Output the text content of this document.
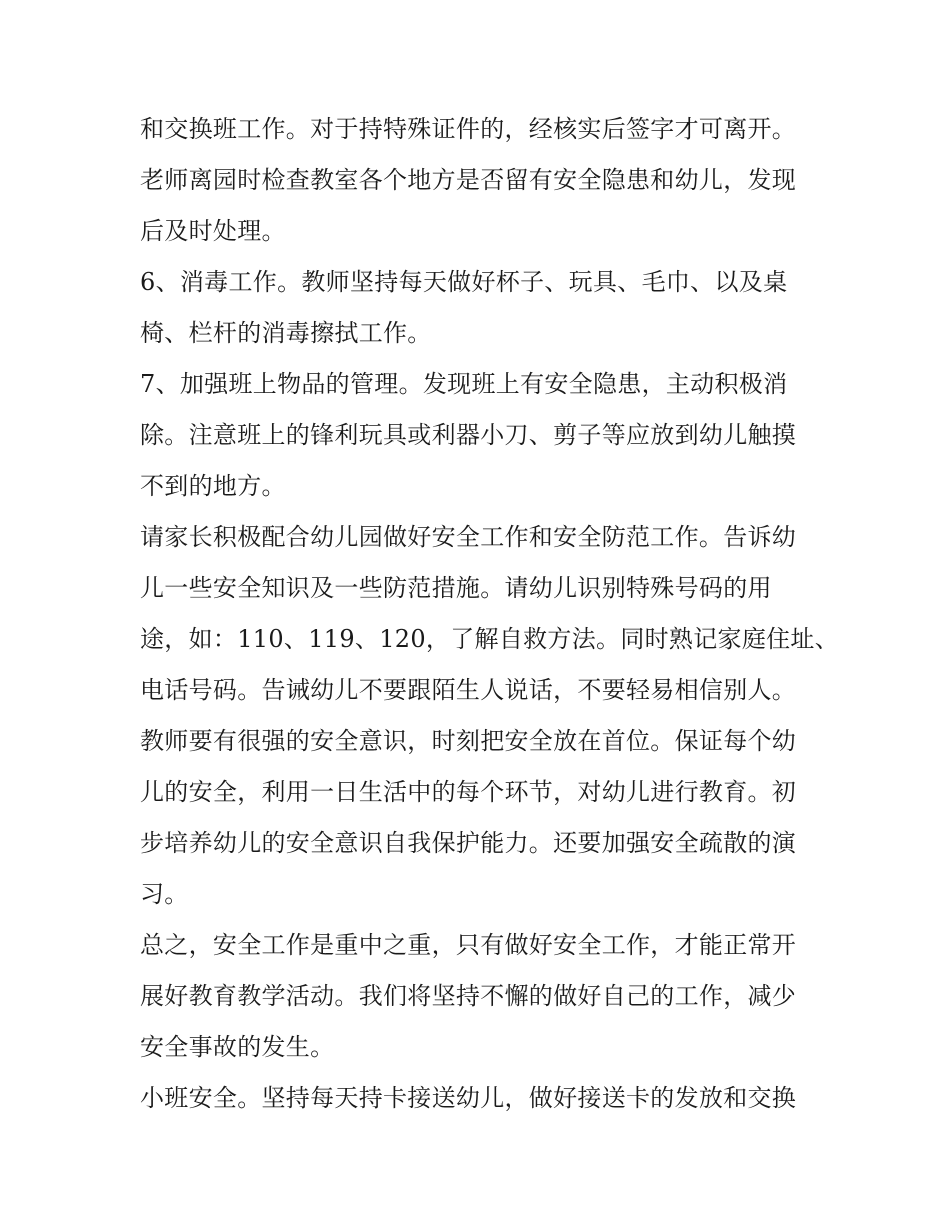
和交换班工作。对于持特殊证件的，经核实后签字才可离开。
老师离园时检查教室各个地方是否留有安全隐患和幼儿，发现
后及时处理。

6、消毒工作。教师坚持每天做好杯子、玩具、毛巾、以及桌
椅、栏杆的消毒擦拭工作。

7、加强班上物品的管理。发现班上有安全隐患，主动积极消
除。注意班上的锋利玩具或利器小刀、剪子等应放到幼儿触摸
不到的地方。

请家长积极配合幼儿园做好安全工作和安全防范工作。告诉幼
儿一些安全知识及一些防范措施。请幼儿识别特殊号码的用
途，如：110、119、120，了解自救方法。同时熟记家庭住址、
电话号码。告诫幼儿不要跟陌生人说话，不要轻易相信别人。

教师要有很强的安全意识，时刻把安全放在首位。保证每个幼
儿的安全，利用一日生活中的每个环节，对幼儿进行教育。初
步培养幼儿的安全意识自我保护能力。还要加强安全疏散的演
习。

总之，安全工作是重中之重，只有做好安全工作，才能正常开
展好教育教学活动。我们将坚持不懈的做好自己的工作，减少
安全事故的发生。

小班安全。坚持每天持卡接送幼儿，做好接送卡的发放和交换
